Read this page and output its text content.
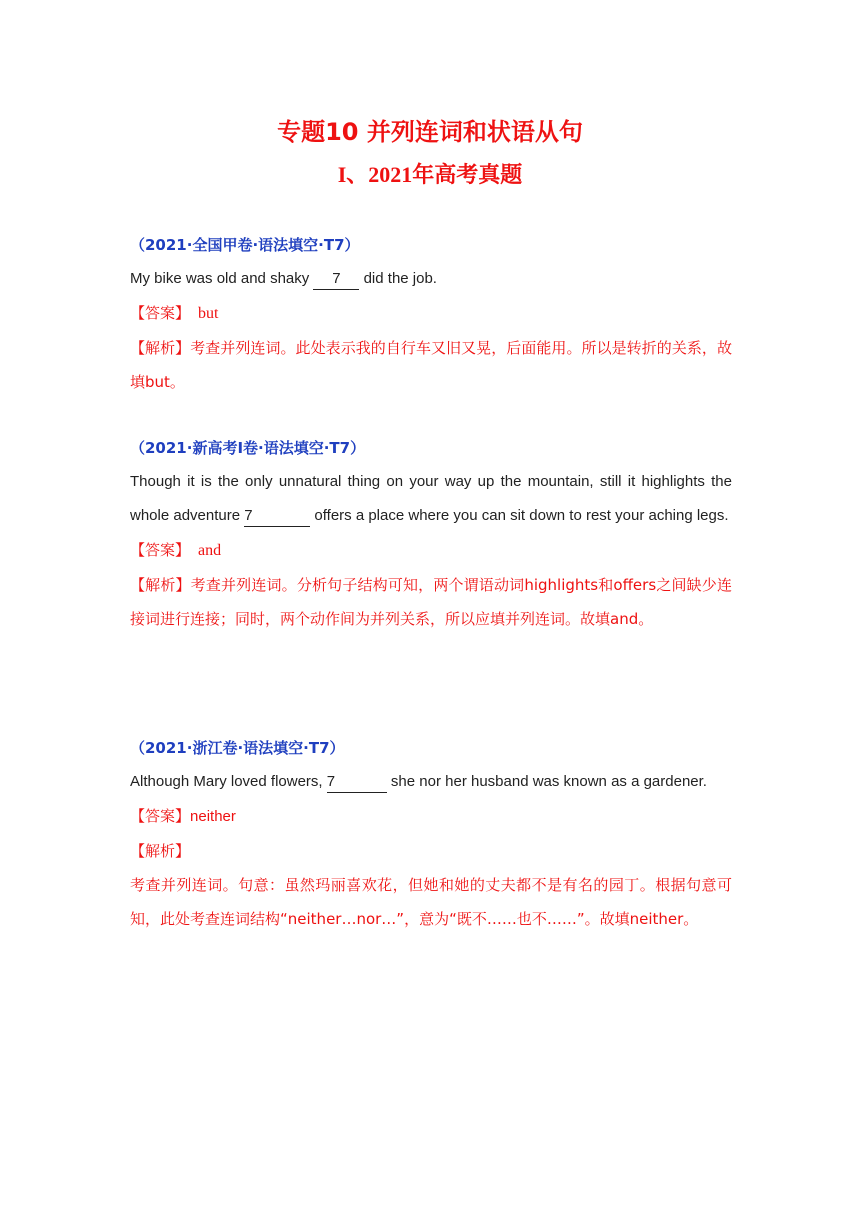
专题10 并列连词和状语从句
I、2021年高考真题

（2021·全国甲卷·语法填空·T7）

My bike was old and shaky 7 did the job.

【答案】 but

【解析】考查并列连词。此处表示我的自行车又旧又晃，后面能用。所以是转折的关系，故填but。

（2021·新高考I卷·语法填空·T7）

Though it is the only unnatural thing on your way up the mountain, still it highlights the whole adventure 7	offers a place where you can sit down to rest your aching legs.

【答案】 and

【解析】考查并列连词。分析句子结构可知，两个谓语动词highlights和offers之间缺少连接词进行连接；同时，两个动作间为并列关系，所以应填并列连词。故填and。

（2021·浙江卷·语法填空·T7）

Although Mary loved flowers, 7	she nor her husband was known as a gardener.

【答案】neither

【解析】

考查并列连词。句意：虽然玛丽喜欢花，但她和她的丈夫都不是有名的园丁。根据句意可知，此处考查连词结构“neither…nor…”，意为“既不……也不……”。故填neither。
